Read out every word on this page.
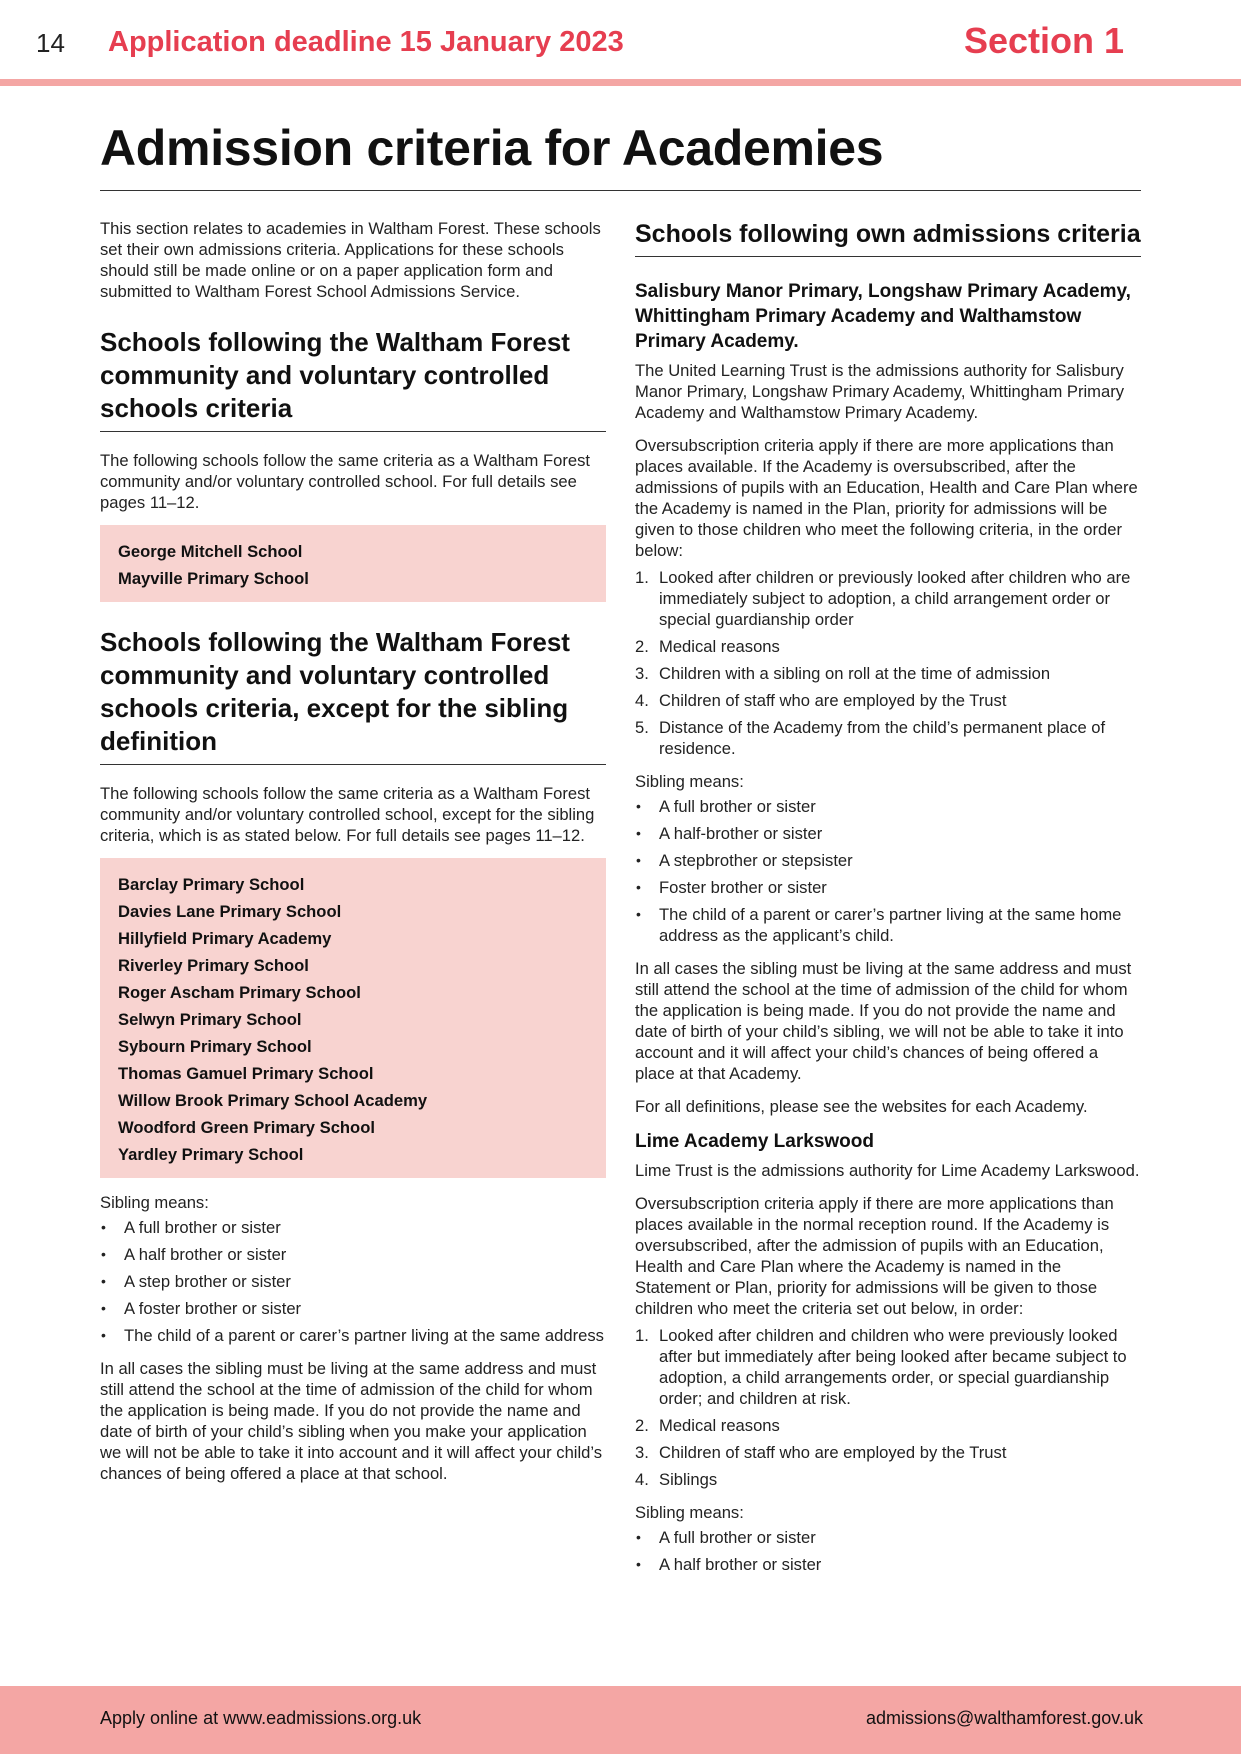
14 Application deadline 15 January 2023	Section 1
Admission criteria for Academies

This section relates to academies in Waltham Forest. These schools set their own admissions criteria. Applications for these schools should still be made online or on a paper application form and submitted to Waltham Forest School Admissions Service.

Schools following the Waltham Forest community and voluntary controlled schools criteria

The following schools follow the same criteria as a Waltham Forest community and/or voluntary controlled school. For full details see pages 11–12.

George Mitchell School
Mayville Primary School
Schools following the Waltham Forest community and voluntary controlled schools criteria, except for the sibling definition

The following schools follow the same criteria as a Waltham Forest community and/or voluntary controlled school, except for the sibling criteria, which is as stated below. For full details see pages 11–12.

Barclay Primary School
Davies Lane Primary School
Hillyfield Primary Academy
Riverley Primary School
Roger Ascham Primary School
Selwyn Primary School
Sybourn Primary School
Thomas Gamuel Primary School
Willow Brook Primary School Academy
Woodford Green Primary School
Yardley Primary School

Sibling means:

• A full brother or sister
• A half brother or sister
• A step brother or sister
• A foster brother or sister
• The child of a parent or carer’s partner living at the same address

In all cases the sibling must be living at the same address and must still attend the school at the time of admission of the child for whom the application is being made. If you do not provide the name and date of birth of your child’s sibling when you make your application we will not be able to take it into account and it will affect your child’s chances of being offered a place at that school.

Schools following own admissions criteria
Salisbury Manor Primary, Longshaw Primary Academy, Whittingham Primary Academy and Walthamstow Primary Academy.

The United Learning Trust is the admissions authority for Salisbury Manor Primary, Longshaw Primary Academy, Whittingham Primary Academy and Walthamstow Primary Academy.

Oversubscription criteria apply if there are more applications than places available. If the Academy is oversubscribed, after the admissions of pupils with an Education, Health and Care Plan where the Academy is named in the Plan, priority for admissions will be given to those children who meet the following criteria, in the order below:

1. Looked after children or previously looked after children who are immediately subject to adoption, a child arrangement order or special guardianship order
2. Medical reasons
3. Children with a sibling on roll at the time of admission
4. Children of staff who are employed by the Trust
5. Distance of the Academy from the child’s permanent place of residence.

Sibling means:

• A full brother or sister
• A half-brother or sister
• A stepbrother or stepsister
• Foster brother or sister
• The child of a parent or carer’s partner living at the same home address as the applicant’s child.

In all cases the sibling must be living at the same address and must still attend the school at the time of admission of the child for whom the application is being made. If you do not provide the name and date of birth of your child’s sibling, we will not be able to take it into account and it will affect your child’s chances of being offered a place at that Academy.

For all definitions, please see the websites for each Academy.

Lime Academy Larkswood

Lime Trust is the admissions authority for Lime Academy Larkswood.

Oversubscription criteria apply if there are more applications than places available in the normal reception round. If the Academy is oversubscribed, after the admission of pupils with an Education, Health and Care Plan where the Academy is named in the Statement or Plan, priority for admissions will be given to those children who meet the criteria set out below, in order:

1. Looked after children and children who were previously looked after but immediately after being looked after became subject to adoption, a child arrangements order, or special guardianship order; and children at risk.
2. Medical reasons
3. Children of staff who are employed by the Trust
4. Siblings

Sibling means:

• A full brother or sister
• A half brother or sister
Apply online at www.eadmissions.org.uk	admissions@walthamforest.gov.uk
